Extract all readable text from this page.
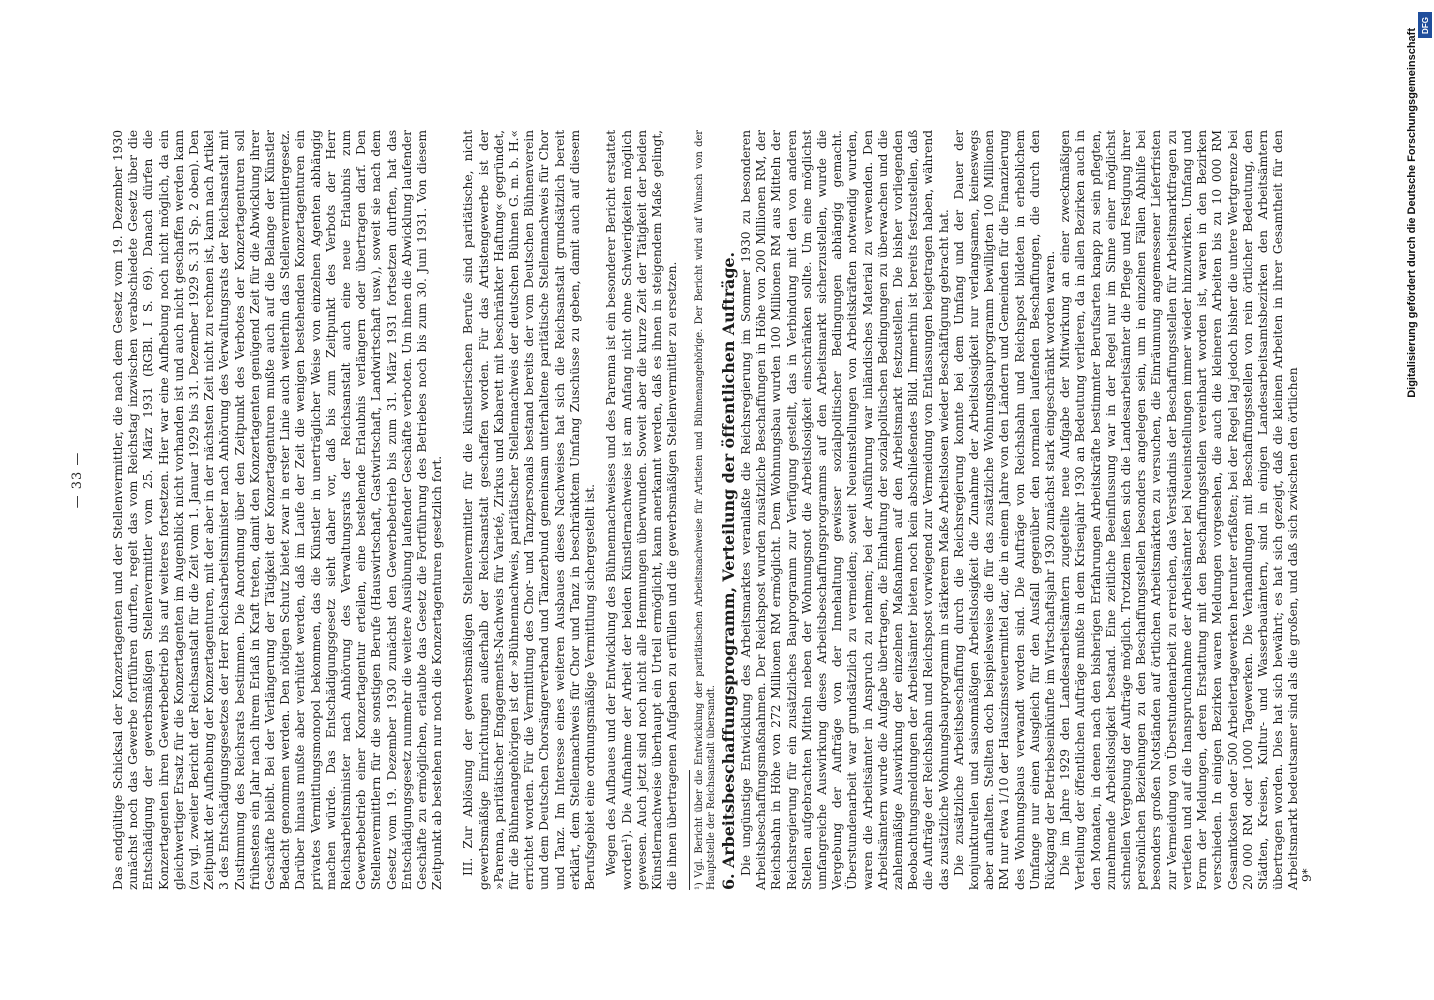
— 33 — Das endgültige Schicksal der Konzertagenten und der Stellenvermittler, die nach dem Gesetz vom 19. Dezember 1930 zunächst noch das Gewerbe fortführen durften, regelt das vom Reichstag inzwischen verabschiedete Gesetz über die Entschädigung der gewerbsmäßigen Stellenvermittler vom 25. März 1931 (RGBl. I S. 69). Danach dürfen die Konzertagenten ihren Gewerbebetrieb bis auf weiteres fortsetzen. Hier war eine Aufhebung noch nicht möglich, da ein gleichwertiger Ersatz für die Konzertagenten im Augenblick nicht vorhanden ist und auch nicht geschaffen werden kann (zu vgl. zweiter Bericht der Reichsanstalt für die Zeit vom 1. Januar 1929 bis 31. Dezember 1929 S. 31 Sp. 2 oben). Den Zeitpunkt der Aufhebung der Konzertagenturen, mit der aber in der nächsten Zeit nicht zu rechnen ist, kann nach Artikel 3 des Entschädigungsgesetzes der Herr Reichsarbeitsminister nach Anhörung des Verwaltungsrats der Reichsanstalt mit Zustimmung des Reichsrats bestimmen. Die Anordnung über den Zeitpunkt des Verbotes der Konzertagenturen soll frühestens ein Jahr nach ihrem Erlaß in Kraft treten, damit den Konzertagenten genügend Zeit für die Abwicklung ihrer Geschäfte bleibt. Bei der Verlängerung der Tätigkeit der Konzertagenturen mußte auch auf die Belange der Künstler Bedacht genommen werden. Den nötigen Schutz bietet zwar in erster Linie auch weiterhin das Stellenvermittlergesetz. Darüber hinaus mußte aber verhütet werden, daß im Laufe der Zeit die wenigen bestehenden Konzertagenturen ein privates Vermittlungsmonopol bekommen, das die Künstler in unerträglicher Weise von einzelnen Agenten abhängig machen würde. Das Entschädigungsgesetz sieht daher vor, daß bis zum Zeitpunkt des Verbots der Herr Reichsarbeitsminister nach Anhörung des Verwaltungsrats der Reichsanstalt auch eine neue Erlaubnis zum Gewerbebetrieb einer Konzertagentur erteilen, eine bestehende Erlaubnis verlängern oder übertragen darf. Den Stellenvermittlern für die sonstigen Berufe (Hauswirtschaft, Gastwirtschaft, Landwirtschaft usw.), soweit sie nach dem Gesetz vom 19. Dezember 1930 zunächst den Gewerbebetrieb bis zum 31. März 1931 fortsetzen durften, hat das Entschädigungsgesetz nunmehr die weitere Ausübung laufender Geschäfte verboten. Um ihnen die Abwicklung laufender Geschäfte zu ermöglichen, erlaubte das Gesetz die Fortführung des Betriebes noch bis zum 30. Juni 1931. Von diesem Zeitpunkt ab bestehen nur noch die Konzertagenturen gesetzlich fort. III. Zur Ablösung der gewerbsmäßigen Stellenvermittler für die künstlerischen Berufe sind paritätische, nicht gewerbsmäßige Einrichtungen außerhalb der Reichsanstalt geschaffen worden. Für das Artistengewerbe ist der »Parenna, paritätischer Engagements-Nachweis für Varieté, Zirkus und Kabarett mit beschränkter Haftung« gegründet, für die Bühnenangehörigen ist der »Bühnennachweis, paritätischer Stellennachweis der deutschen Bühnen G. m. b. H.« errichtet worden. Für die Vermittlung des Chor- und Tanzpersonals bestand bereits der vom Deutschen Bühnenverein und dem Deutschen Chorsängerverband und Tänzerbund gemeinsam unterhaltene paritätische Stellennachweis für Chor und Tanz. Im Interesse eines weiteren Ausbaues dieses Nachweises hat sich die Reichsanstalt grundsätzlich bereit erklärt, dem Stellennachweis für Chor und Tanz in beschränktem Umfang Zuschüsse zu geben, damit auch auf diesem Berufsgebiet eine ordnungsmäßige Vermittlung sichergestellt ist. Wegen des Aufbaues und der Entwicklung des Bühnennachweises und des Parenna ist ein besonderer Bericht erstattet worden¹). Die Aufnahme der Arbeit der beiden Künstlernachweise ist am Anfang nicht ohne Schwierigkeiten möglich gewesen. Auch jetzt sind noch nicht alle Hemmungen überwunden. Soweit aber die kurze Zeit der Tätigkeit der beiden Künstlernachweise überhaupt ein Urteil ermöglicht, kann anerkannt werden, daß es ihnen in steigendem Maße gelingt, die ihnen übertragenen Aufgaben zu erfüllen und die gewerbsmäßigen Stellenvermittler zu ersetzen. ¹) Vgl. Bericht über die Entwicklung der paritätischen Arbeitsnachweise für Artisten und Bühnenangehörige. Der Bericht wird auf Wunsch von der Hauptstelle der Reichsanstalt übersandt. 6. Arbeitsbeschaffungsprogramm, Verteilung der öffentlichen Aufträge. Die ungünstige Entwicklung des Arbeitsmarktes veranlaßte die Reichsregierung im Sommer 1930 zu besonderen Arbeitsbeschaffungsmaßnahmen. Der Reichspost wurden zusätzliche Beschaffungen in Höhe von 200 Millionen RM, der Reichsbahn in Höhe von 272 Millionen RM ermöglicht. Dem Wohnungsbau wurden 100 Millionen RM aus Mitteln der Reichsregierung für ein zusätzliches Bauprogramm zur Verfügung gestellt, das in Verbindung mit den von anderen Stellen aufgebrachten Mitteln neben der Wohnungsnot die Arbeitslosigkeit einschränken sollte. Um eine möglichst umfangreiche Auswirkung dieses Arbeitsbeschaffungsprogramms auf den Arbeitsmarkt sicherzustellen, wurde die Vergebung der Aufträge von der Innehaltung gewisser sozialpolitischer Bedingungen abhängig gemacht. Überstundenarbeit war grundsätzlich zu vermeiden; soweit Neueinstellungen von Arbeitskräften notwendig wurden, waren die Arbeitsämter in Anspruch zu nehmen; bei der Ausführung war inländisches Material zu verwenden. Den Arbeitsämtern wurde die Aufgabe übertragen, die Einhaltung der sozialpolitischen Bedingungen zu überwachen und die zahlenmäßige Auswirkung der einzelnen Maßnahmen auf den Arbeitsmarkt festzustellen. Die bisher vorliegenden Beobachtungsmeldungen der Arbeitsämter bieten noch kein abschließendes Bild. Immerhin ist bereits festzustellen, daß die Aufträge der Reichsbahn und Reichspost vorwiegend zur Vermeidung von Entlassungen beigetragen haben, während das zusätzliche Wohnungsbauprogramm in stärkerem Maße Arbeitslosen wieder Beschäftigung gebracht hat. Die zusätzliche Arbeitsbeschaffung durch die Reichsregierung konnte bei dem Umfang und der Dauer der konjunkturellen und saisonmäßigen Arbeitslosigkeit die Zunahme der Arbeitslosigkeit nur verlangsamen, keineswegs aber aufhalten. Stellten doch beispielsweise die für das zusätzliche Wohnungsbauprogramm bewilligten 100 Millionen RM nur etwa 1/10 der Hauszinssteuermittel dar, die in einem Jahre von den Ländern und Gemeinden für die Finanzierung des Wohnungsbaus verwandt worden sind. Die Aufträge von Reichsbahn und Reichspost bildeten in erheblichem Umfange nur einen Ausgleich für den Ausfall gegenüber den normalen laufenden Beschaffungen, die durch den Rückgang der Betriebseinkünfte im Wirtschaftsjahr 1930 zunächst stark eingeschränkt worden waren. Die im Jahre 1929 den Landesarbeitsämtern zugeteilte neue Aufgabe der Mitwirkung an einer zweckmäßigen Verteilung der öffentlichen Aufträge mußte in dem Krisenjahr 1930 an Bedeutung verlieren, da in allen Bezirken auch in den Monaten, in denen nach den bisherigen Erfahrungen Arbeitskräfte bestimmter Berufsarten knapp zu sein pflegten, zunehmende Arbeitslosigkeit bestand. Eine zeitliche Beeinflussung war in der Regel nur im Sinne einer möglichst schnellen Vergebung der Aufträge möglich. Trotzdem ließen sich die Landesarbeitsämter die Pflege und Festigung ihrer persönlichen Beziehungen zu den Beschaffungsstellen besonders angelegen sein, um in einzelnen Fällen Abhilfe bei besonders großen Notständen auf örtlichen Arbeitsmärkten zu versuchen, die Einräumung angemessener Lieferfristen zur Vermeidung von Überstundenarbeit zu erreichen, das Verständnis der Beschaffungsstellen für Arbeitsmarktfragen zu vertiefen und auf die Inanspruchnahme der Arbeitsämter bei Neueinstellungen immer wieder hinzuwirken. Umfang und Form der Meldungen, deren Erstattung mit den Beschaffungsstellen vereinbart worden ist, waren in den Bezirken verschieden. In einigen Bezirken waren Meldungen vorgesehen, die auch die kleineren Arbeiten bis zu 10 000 RM Gesamtkosten oder 500 Arbeitertagewerken herunter erfaßten; bei der Regel lag jedoch bisher die untere Wertgrenze bei 20 000 RM oder 1000 Tagewerken. Die Verhandlungen mit Beschaffungsstellen von rein örtlicher Bedeutung, den Städten, Kreisen, Kultur- und Wasserbauämtern, sind in einigen Landesarbeitsamtsbezirken den Arbeitsämtern übertragen worden. Dies hat sich bewährt; es hat sich gezeigt, daß die kleinen Arbeiten in ihrer Gesamtheit für den Arbeitsmarkt bedeutsamer sind als die großen, und daß sich zwischen den örtlichen 9*
Digitalisierung gefördert durch die Deutsche Forschungsgemeinschaft
DFG
